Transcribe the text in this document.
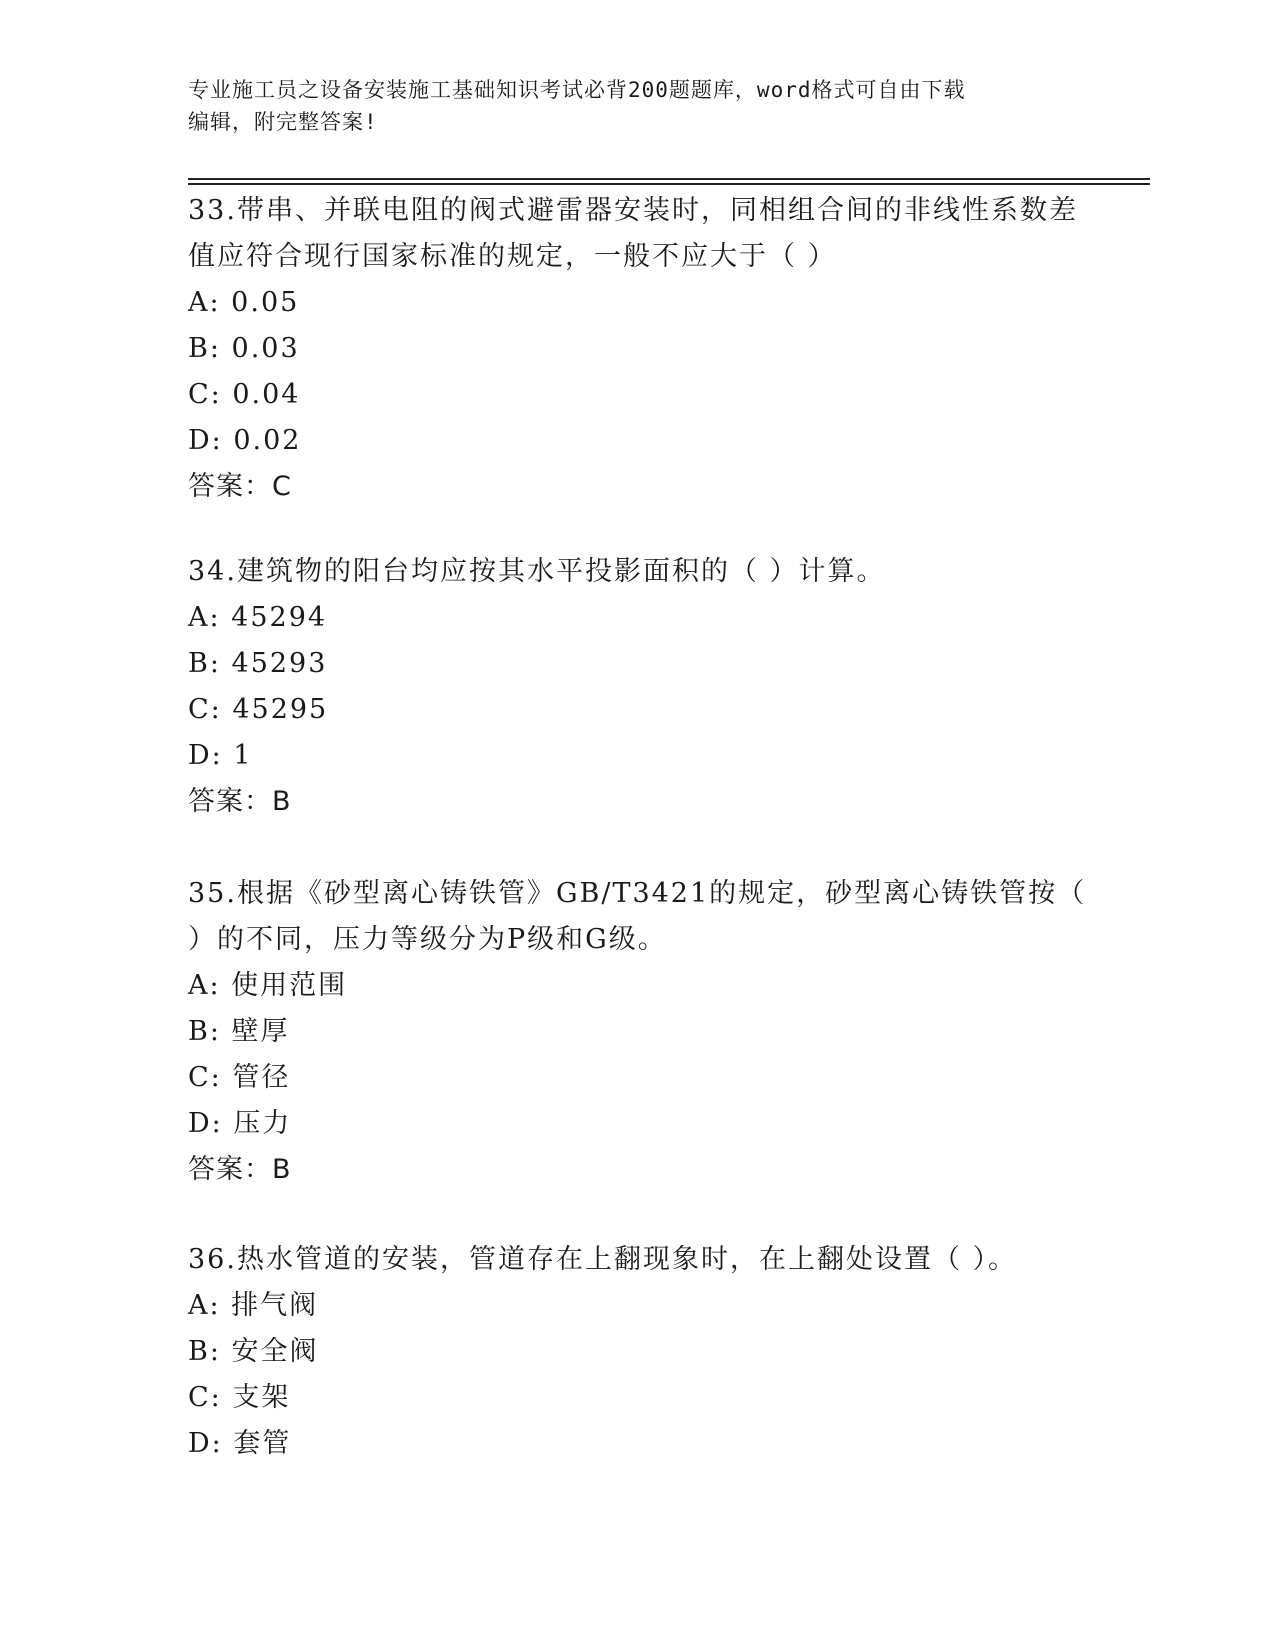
专业施工员之设备安装施工基础知识考试必背200题题库，word格式可自由下载
编辑，附完整答案!

33.带串、并联电阻的阀式避雷器安装时，同相组合间的非线性系数差

值应符合现行国家标准的规定，一般不应大于（ ）

A: 0.05

B: 0.03

C: 0.04

D: 0.02

答案：C

34.建筑物的阳台均应按其水平投影面积的（ ）计算。

A: 45294

B: 45293

C: 45295

D: 1

答案：B

35.根据《砂型离心铸铁管》GB/T3421的规定，砂型离心铸铁管按（

）的不同，压力等级分为P级和G级。

A: 使用范围

B: 壁厚

C: 管径

D: 压力

答案：B

36.热水管道的安装，管道存在上翻现象时，在上翻处设置（ ）。

A: 排气阀

B: 安全阀

C: 支架

D: 套管
